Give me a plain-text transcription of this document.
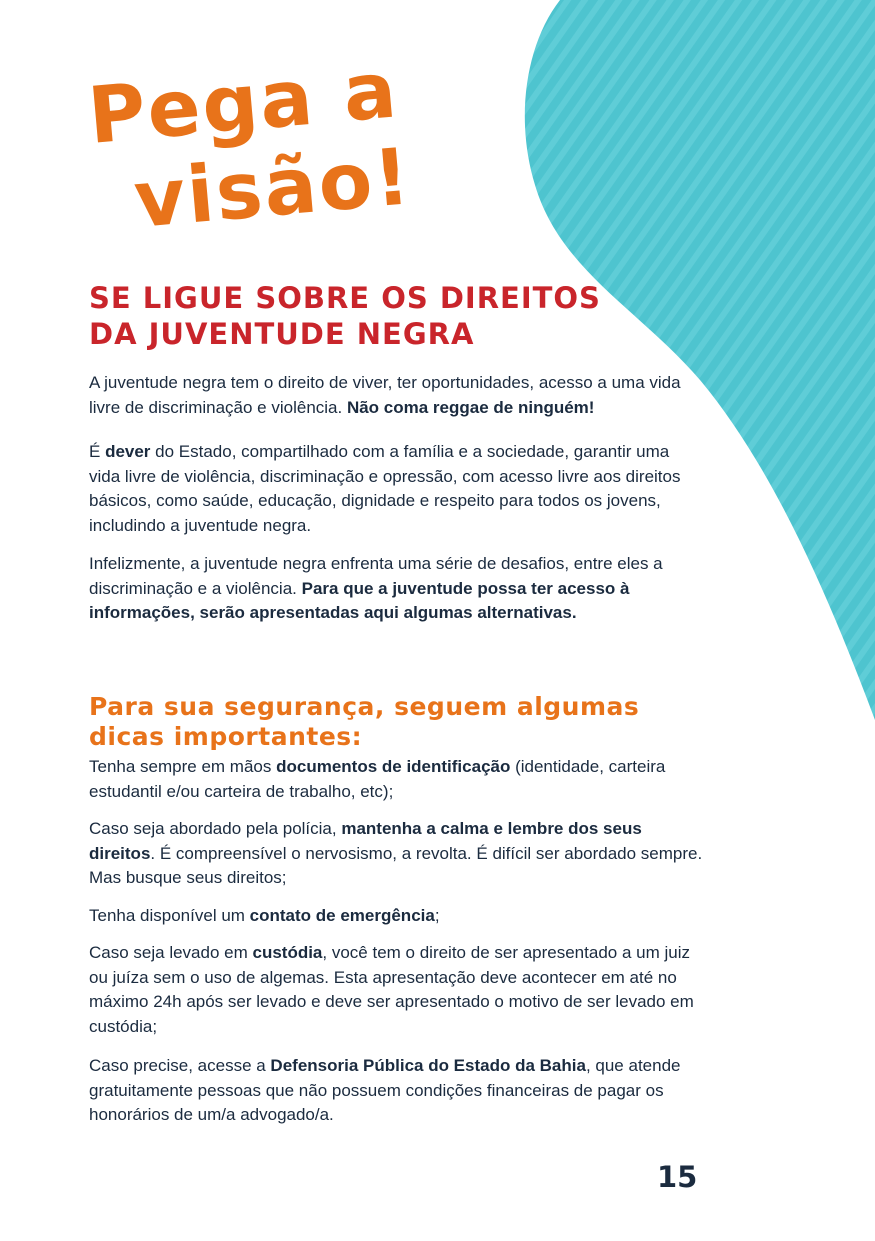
Pega a
visão!
SE LIGUE SOBRE OS DIREITOS
DA JUVENTUDE NEGRA

A juventude negra tem o direito de viver, ter oportunidades, acesso a uma vida livre de discriminação e violência. Não coma reggae de ninguém!

É dever do Estado, compartilhado com a família e a sociedade, garantir uma vida livre de violência, discriminação e opressão, com acesso livre aos direitos básicos, como saúde, educação, dignidade e respeito para todos os jovens, includindo a juventude negra.

Infelizmente, a juventude negra enfrenta uma série de desafios, entre eles a discriminação e a violência. Para que a juventude possa ter acesso à informações, serão apresentadas aqui algumas alternativas.

Para sua segurança, seguem algumas
dicas importantes:

Tenha sempre em mãos documentos de identificação (identidade, carteira estudantil e/ou carteira de trabalho, etc);

Caso seja abordado pela polícia, mantenha a calma e lembre dos seus direitos. É compreensível o nervosismo, a revolta. É difícil ser abordado sempre. Mas busque seus direitos;

Tenha disponível um contato de emergência;

Caso seja levado em custódia, você tem o direito de ser apresentado a um juiz ou juíza sem o uso de algemas. Esta apresentação deve acontecer em até no máximo 24h após ser levado e deve ser apresentado o motivo de ser levado em custódia;

Caso precise, acesse a Defensoria Pública do Estado da Bahia, que atende gratuitamente pessoas que não possuem condições financeiras de pagar os honorários de um/a advogado/a.

15
